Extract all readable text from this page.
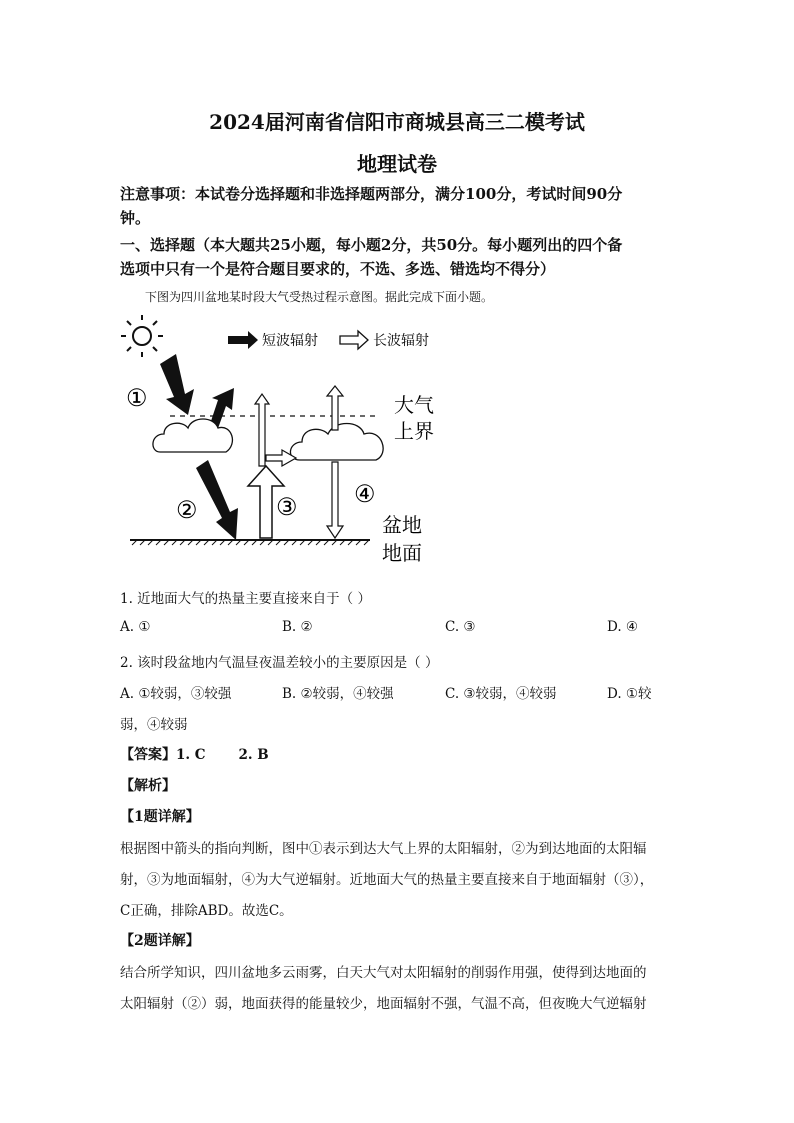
2024届河南省信阳市商城县高三二模考试
地理试卷
注意事项：本试卷分选择题和非选择题两部分，满分100分，考试时间90分
钟。
一、选择题（本大题共25小题，每小题2分，共50分。每小题列出的四个备
选项中只有一个是符合题目要求的，不选、多选、错选均不得分）
下图为四川盆地某时段大气受热过程示意图。据此完成下面小题。
短波辐射	长波辐射
①
②	③ ④
大气
上界
盆地
地面
1. 近地面大气的热量主要直接来自于（ ）
A. ①	B. ②	C. ③	D. ④
2. 该时段盆地内气温昼夜温差较小的主要原因是（ ）
A. ①较弱，③较强	B. ②较弱，④较强	C. ③较弱，④较弱	D. ①较
弱，④较弱
【答案】1. C       2. B
【解析】
【1题详解】
根据图中箭头的指向判断，图中①表示到达大气上界的太阳辐射，②为到达地面的太阳辐
射，③为地面辐射，④为大气逆辐射。近地面大气的热量主要直接来自于地面辐射（③），
C正确，排除ABD。故选C。
【2题详解】
结合所学知识，四川盆地多云雨雾，白天大气对太阳辐射的削弱作用强，使得到达地面的
太阳辐射（②）弱，地面获得的能量较少，地面辐射不强，气温不高，但夜晚大气逆辐射
